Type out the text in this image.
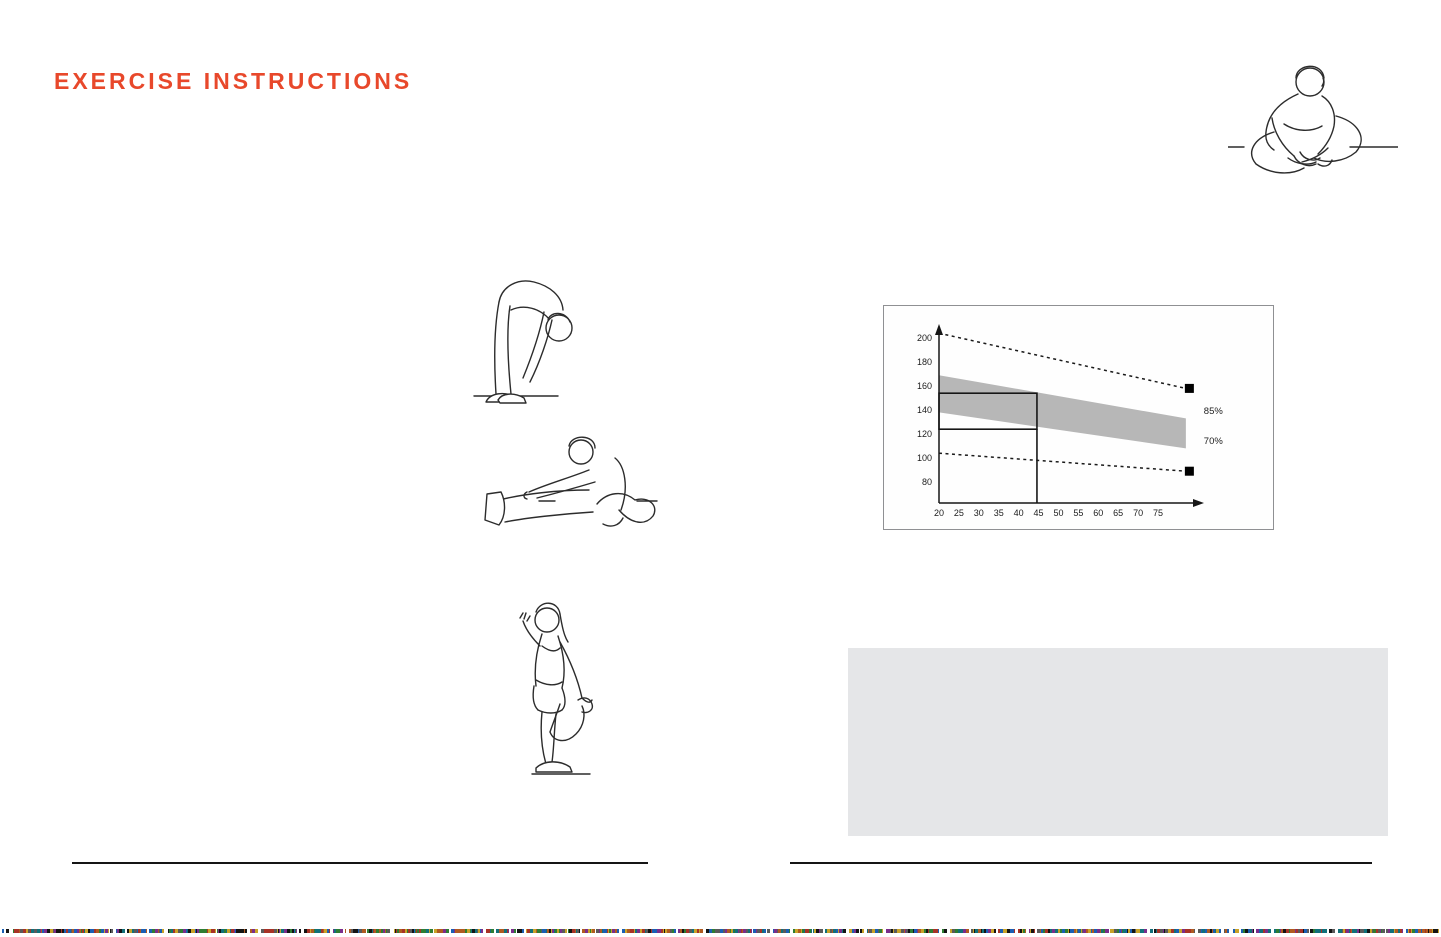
EXERCISE INSTRUCTIONS
80
100
120
140
160
180
200
20 25 30 35 40 45 50 55 60 65 70 75
85%
70%
